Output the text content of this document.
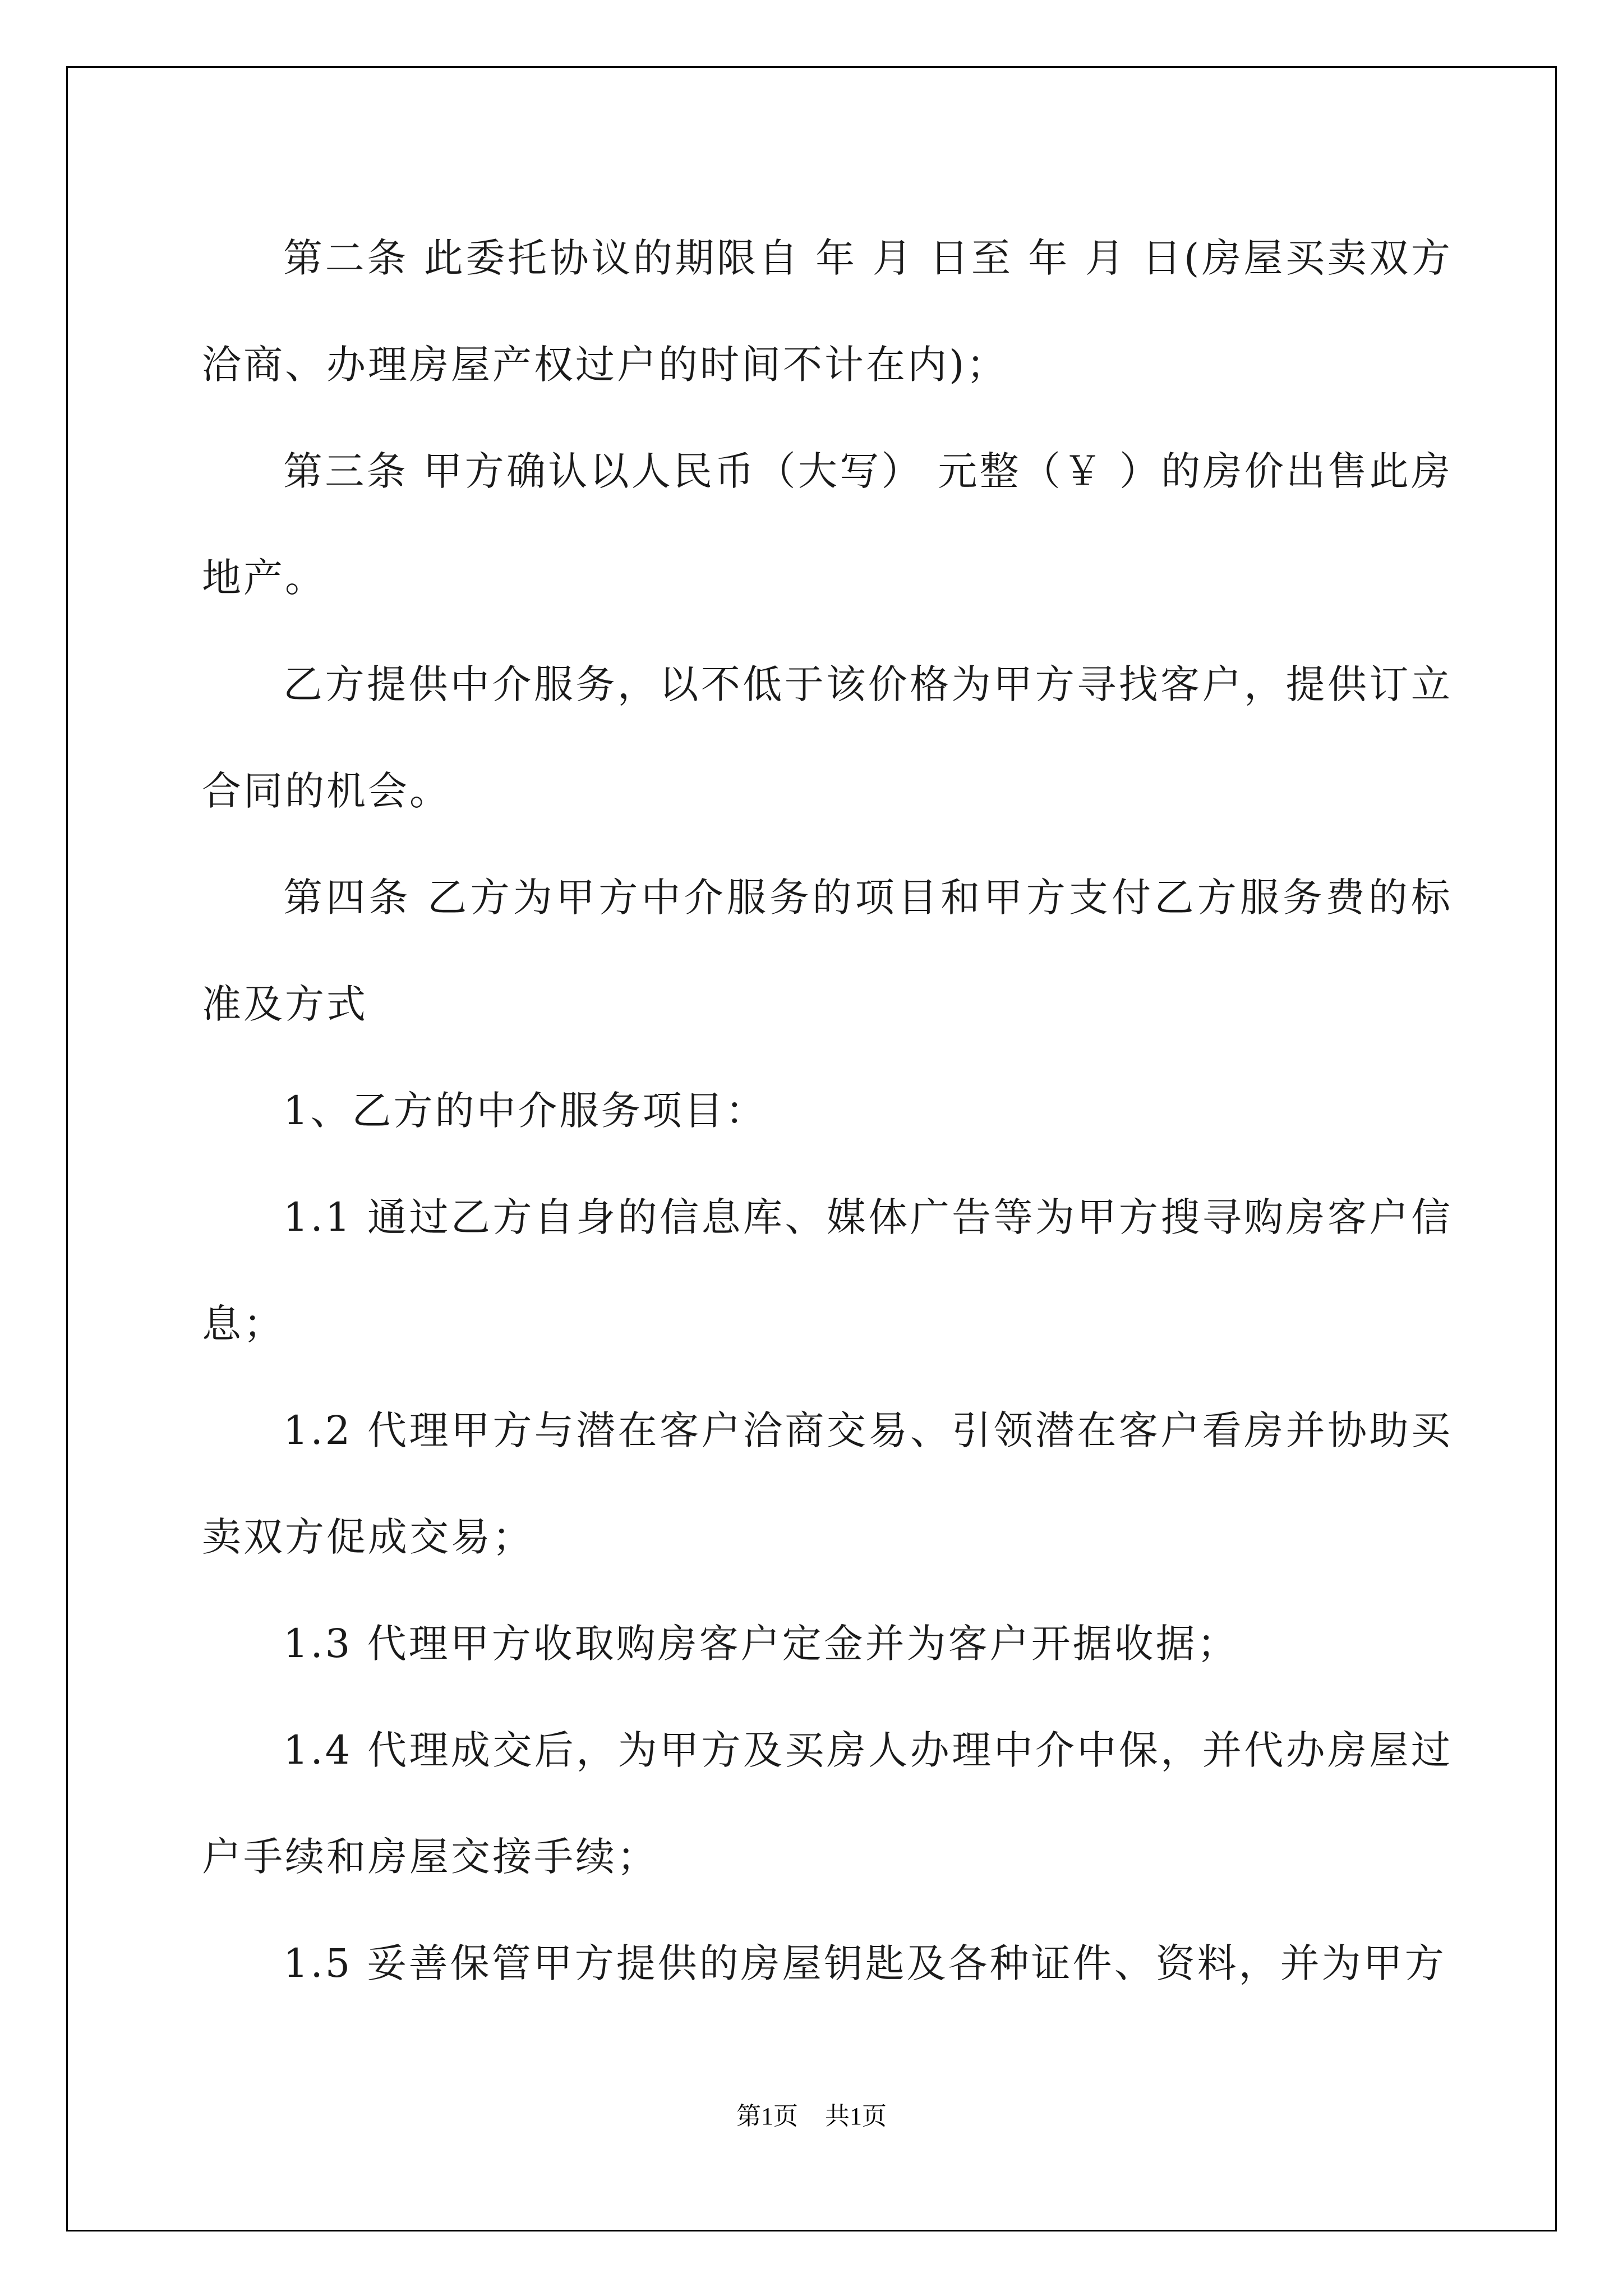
第二条 此委托协议的期限自 年 月 日至 年 月 日(房屋买卖双方洽商、办理房屋产权过户的时间不计在内)；

第三条 甲方确认以人民币（大写） 元整（￥ ）的房价出售此房地产。

乙方提供中介服务，以不低于该价格为甲方寻找客户，提供订立合同的机会。

第四条 乙方为甲方中介服务的项目和甲方支付乙方服务费的标准及方式

1、乙方的中介服务项目：

1.1 通过乙方自身的信息库、媒体广告等为甲方搜寻购房客户信息；

1.2 代理甲方与潜在客户洽商交易、引领潜在客户看房并协助买卖双方促成交易；

1.3 代理甲方收取购房客户定金并为客户开据收据；

1.4 代理成交后，为甲方及买房人办理中介中保，并代办房屋过户手续和房屋交接手续；

1.5 妥善保管甲方提供的房屋钥匙及各种证件、资料，并为甲方

第1页 共1页
